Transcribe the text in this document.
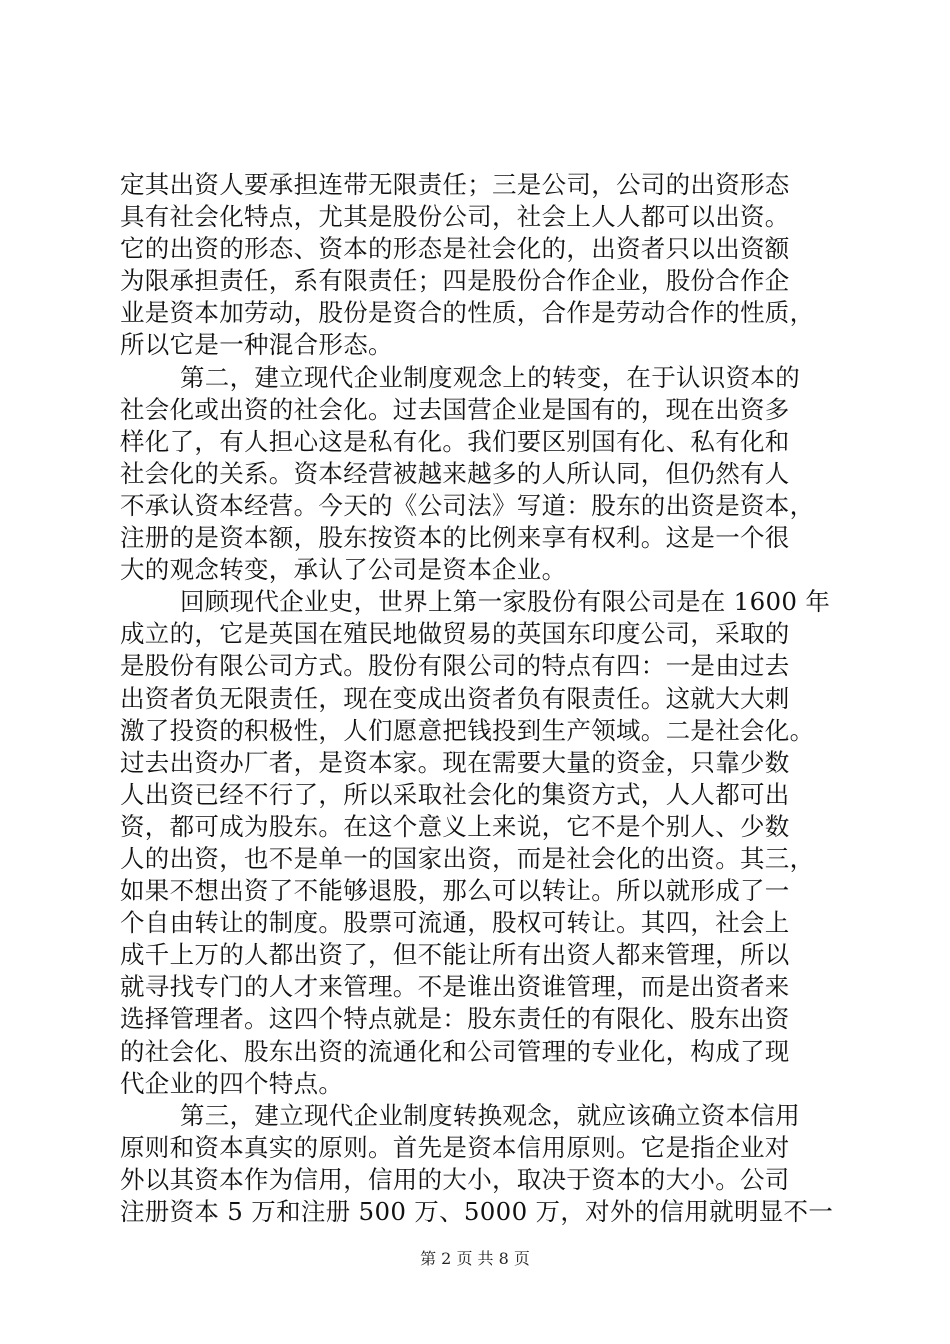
定其出资人要承担连带无限责任；三是公司，公司的出资形态
具有社会化特点，尤其是股份公司，社会上人人都可以出资。
它的出资的形态、资本的形态是社会化的，出资者只以出资额
为限承担责任，系有限责任；四是股份合作企业，股份合作企
业是资本加劳动，股份是资合的性质，合作是劳动合作的性质，
所以它是一种混合形态。
第二，建立现代企业制度观念上的转变，在于认识资本的
社会化或出资的社会化。过去国营企业是国有的，现在出资多
样化了，有人担心这是私有化。我们要区别国有化、私有化和
社会化的关系。资本经营被越来越多的人所认同，但仍然有人
不承认资本经营。今天的《公司法》写道：股东的出资是资本，
注册的是资本额，股东按资本的比例来享有权利。这是一个很
大的观念转变，承认了公司是资本企业。
回顾现代企业史，世界上第一家股份有限公司是在 1600 年
成立的，它是英国在殖民地做贸易的英国东印度公司，采取的
是股份有限公司方式。股份有限公司的特点有四：一是由过去
出资者负无限责任，现在变成出资者负有限责任。这就大大刺
激了投资的积极性，人们愿意把钱投到生产领域。二是社会化。
过去出资办厂者，是资本家。现在需要大量的资金，只靠少数
人出资已经不行了，所以采取社会化的集资方式，人人都可出
资，都可成为股东。在这个意义上来说，它不是个别人、少数
人的出资，也不是单一的国家出资，而是社会化的出资。其三，
如果不想出资了不能够退股，那么可以转让。所以就形成了一
个自由转让的制度。股票可流通，股权可转让。其四，社会上
成千上万的人都出资了，但不能让所有出资人都来管理，所以
就寻找专门的人才来管理。不是谁出资谁管理，而是出资者来
选择管理者。这四个特点就是：股东责任的有限化、股东出资
的社会化、股东出资的流通化和公司管理的专业化，构成了现
代企业的四个特点。
第三，建立现代企业制度转换观念，就应该确立资本信用
原则和资本真实的原则。首先是资本信用原则。它是指企业对
外以其资本作为信用，信用的大小，取决于资本的大小。公司
注册资本 5 万和注册 500 万、5000 万，对外的信用就明显不一
第 2 页 共 8 页
